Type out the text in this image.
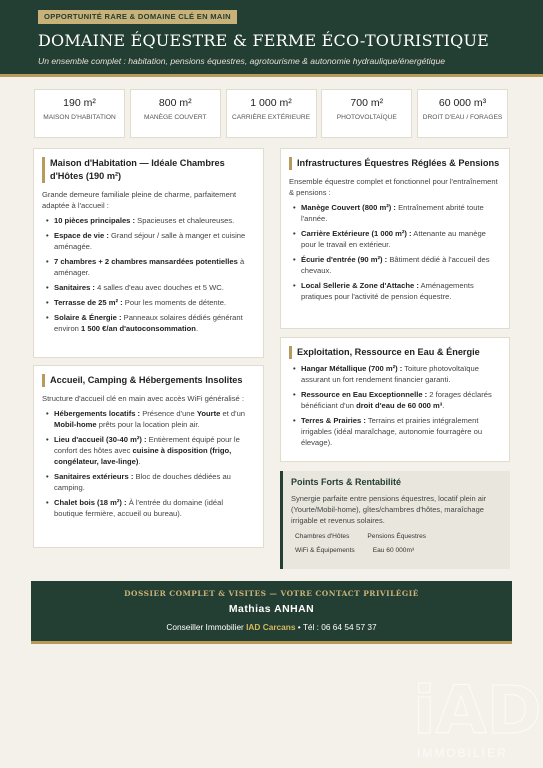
OPPORTUNITÉ RARE & DOMAINE CLÉ EN MAIN
DOMAINE ÉQUESTRE & FERME ÉCO-TOURISTIQUE
Un ensemble complet : habitation, pensions équestres, agrotourisme & autonomie hydraulique/énergétique
190 m²
MAISON D'HABITATION
800 m²
MANÈGE COUVERT
1 000 m²
CARRIÈRE EXTÉRIEURE
700 m²
PHOTOVOLTAÏQUE
60 000 m³
DROIT D'EAU / FORAGES
Maison d'Habitation — Idéale Chambres d'Hôtes (190 m²)
Grande demeure familiale pleine de charme, parfaitement adaptée à l'accueil :
• 10 pièces principales : Spacieuses et chaleureuses.
• Espace de vie : Grand séjour / salle à manger et cuisine aménagée.
• 7 chambres + 2 chambres mansardées potentielles à aménager.
• Sanitaires : 4 salles d'eau avec douches et 5 WC.
• Terrasse de 25 m² : Pour les moments de détente.
• Solaire & Énergie : Panneaux solaires dédiés générant environ 1 500 €/an d'autoconsommation.
Accueil, Camping & Hébergements Insolites
Structure d'accueil clé en main avec accès WiFi généralisé :
• Hébergements locatifs : Présence d'une Yourte et d'un Mobil-home prêts pour la location plein air.
• Lieu d'accueil (30-40 m²) : Entièrement équipé pour le confort des hôtes avec cuisine à disposition (frigo, congélateur, lave-linge).
• Sanitaires extérieurs : Bloc de douches dédiées au camping.
• Chalet bois (18 m²) : À l'entrée du domaine (idéal boutique fermière, accueil ou bureau).
Infrastructures Équestres Réglées & Pensions
Ensemble équestre complet et fonctionnel pour l'entraînement & pensions :
• Manège Couvert (800 m²) : Entraînement abrité toute l'année.
• Carrière Extérieure (1 000 m²) : Attenante au manège pour le travail en extérieur.
• Écurie d'entrée (90 m²) : Bâtiment dédié à l'accueil des chevaux.
• Local Sellerie & Zone d'Attache : Aménagements pratiques pour l'activité de pension équestre.
Exploitation, Ressource en Eau & Énergie
• Hangar Métallique (700 m²) : Toiture photovoltaïque assurant un fort rendement financier garanti.
• Ressource en Eau Exceptionnelle : 2 forages déclarés bénéficiant d'un droit d'eau de 60 000 m³.
• Terres & Prairies : Terrains et prairies intégralement irrigables (idéal maraîchage, autonomie fourragère ou élevage).
Points Forts & Rentabilité
Synergie parfaite entre pensions équestres, locatif plein air (Yourte/Mobil-home), gîtes/chambres d'hôtes, maraîchage irrigable et revenus solaires.
Chambres d'Hôtes	Pensions Équestres
WiFi & Équipements	Eau 60 000m³
DOSSIER COMPLET & VISITES — VOTRE CONTACT PRIVILÉGIÉ
Mathias ANHAN
Conseiller Immobilier IAD Carcans • Tél : 06 64 54 57 37
iAD
IMMOBILIER
